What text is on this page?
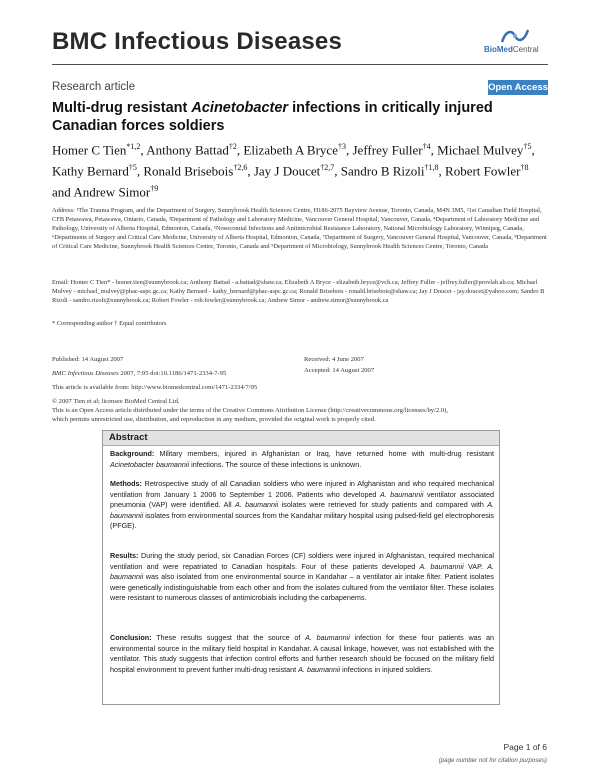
BMC Infectious Diseases	BioMedCentral
Research article	Open Access
Multi-drug resistant Acinetobacter infections in critically injured Canadian forces soldiers
Homer C Tien$^{*1,2}$, Anthony Battad$^{\dagger 2}$, Elizabeth A Bryce$^{\dagger 3}$, Jeffrey Fuller$^{\dagger 4}$, Michael Mulvey$^{\dagger 5}$, Kathy Bernard$^{\dagger 5}$, Ronald Brisebois$^{\dagger 2,6}$, Jay J Doucet$^{\dagger 2,7}$, Sandro B Rizoli$^{\dagger 1,8}$, Robert Fowler$^{\dagger 8}$ and Andrew Simor$^{\dagger 9}$
Address: ¹The Trauma Program, and the Department of Surgery, Sunnybrook Health Sciences Centre, H186-2075 Bayview Avenue, Toronto, Canada, M4N 3M5, ²1st Canadian Field Hospital, CFB Petawawa, Petawawa, Ontario, Canada, ³Department of Pathology and Laboratory Medicine, Vancouver General Hospital, Vancouver, Canada, ⁴Department of Laboratory Medicine and Pathology, University of Alberta Hospital, Edmonton, Canada, ⁵Nosocomial Infections and Antimicrobial Resistance Laboratory, National Microbiology Laboratory, Winnipeg, Canada, ⁶Departments of Surgery and Critical Care Medicine, University of Alberta Hospital, Edmonton, Canada, ⁷Department of Surgery, Vancouver General Hospital, Vancouver, Canada, ⁸Department of Critical Care Medicine, Sunnybrook Health Sciences Centre, Toronto, Canada and ⁹Department of Microbiology, Sunnybrook Health Sciences Centre, Toronto, Canada
Email: Homer C Tien* - homer.tien@sunnybrook.ca; Anthony Battad - a.battad@shaw.ca; Elizabeth A Bryce - elizabeth.bryce@vch.ca; Jeffrey Fuller - jeffrey.fuller@provlab.ab.ca; Michael Mulvey - michael_mulvey@phac-aspc.gc.ca; Kathy Bernard - kathy_bernard@phac-aspc.gc.ca; Ronald Brisebois - ronald.brisebois@shaw.ca; Jay J Doucet - jay.doucet@yahoo.com; Sandro B Rizoli - sandro.rizoli@sunnybrook.ca; Robert Fowler - rob.fowler@sunnybrook.ca; Andrew Simor - andrew.simor@sunnybrook.ca
* Corresponding author † Equal contributors
Published: 14 August 2007	Received: 4 June 2007
Accepted: 14 August 2007
BMC Infectious Diseases 2007, 7:95 doi:10.1186/1471-2334-7-95
This article is available from: http://www.biomedcentral.com/1471-2334/7/95
© 2007 Tien et al; licensee BioMed Central Ltd.
This is an Open Access article distributed under the terms of the Creative Commons Attribution License (http://creativecommons.org/licenses/by/2.0),
which permits unrestricted use, distribution, and reproduction in any medium, provided the original work is properly cited.
Abstract
Background: Military members, injured in Afghanistan or Iraq, have returned home with multi-drug resistant Acinetobacter baumannii infections. The source of these infections is unknown.
Methods: Retrospective study of all Canadian soldiers who were injured in Afghanistan and who required mechanical ventilation from January 1 2006 to September 1 2006. Patients who developed A. baumannii ventilator associated pneumonia (VAP) were identified. All A. baumannii isolates were retrieved for study patients and compared with A. baumannii isolates from environmental sources from the Kandahar military hospital using pulsed-field gel electrophoresis (PFGE).
Results: During the study period, six Canadian Forces (CF) soldiers were injured in Afghanistan, required mechanical ventilation and were repatriated to Canadian hospitals. Four of these patients developed A. baumannii VAP. A. baumannii was also isolated from one environmental source in Kandahar – a ventilator air intake filter. Patient isolates were genetically indistinguishable from each other and from the isolates cultured from the ventilator filter. These isolates were resistant to numerous classes of antimicrobials including the carbapenems.
Conclusion: These results suggest that the source of A. baumannii infection for these four patients was an environmental source in the military field hospital in Kandahar. A causal linkage, however, was not established with the ventilator. This study suggests that infection control efforts and further research should be focused on the military field hospital environment to prevent further multi-drug resistant A. baumannii infections in injured soldiers.
Page 1 of 6
(page number not for citation purposes)
